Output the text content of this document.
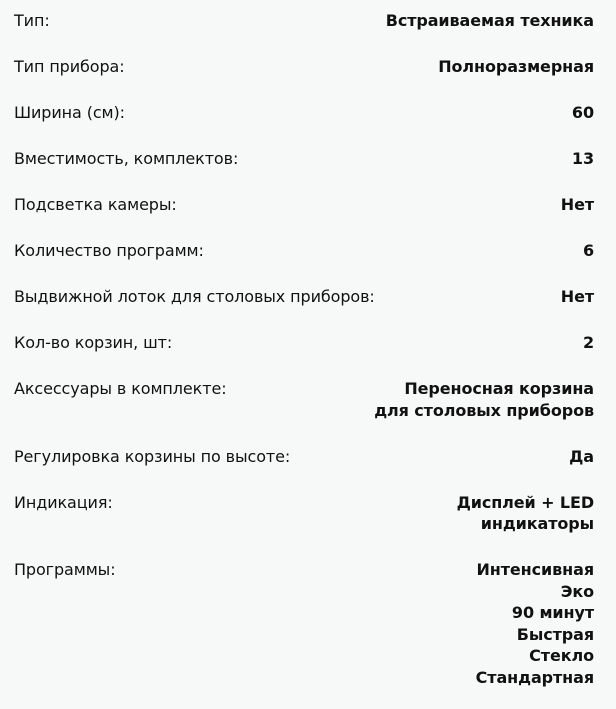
Тип:	Встраиваемая техника
Тип прибора:	Полноразмерная
Ширина (см):	60
Вместимость, комплектов:	13
Подсветка камеры:	Нет
Количество программ:	6
Выдвижной лоток для столовых приборов:	Нет
Кол-во корзин, шт:	2
Аксессуары в комплекте:	Переносная корзина
для столовых приборов
Регулировка корзины по высоте:	Да
Индикация:	Дисплей + LED
индикаторы
Программы:	Интенсивная
Эко
90 минут
Быстрая
Стекло
Стандартная
